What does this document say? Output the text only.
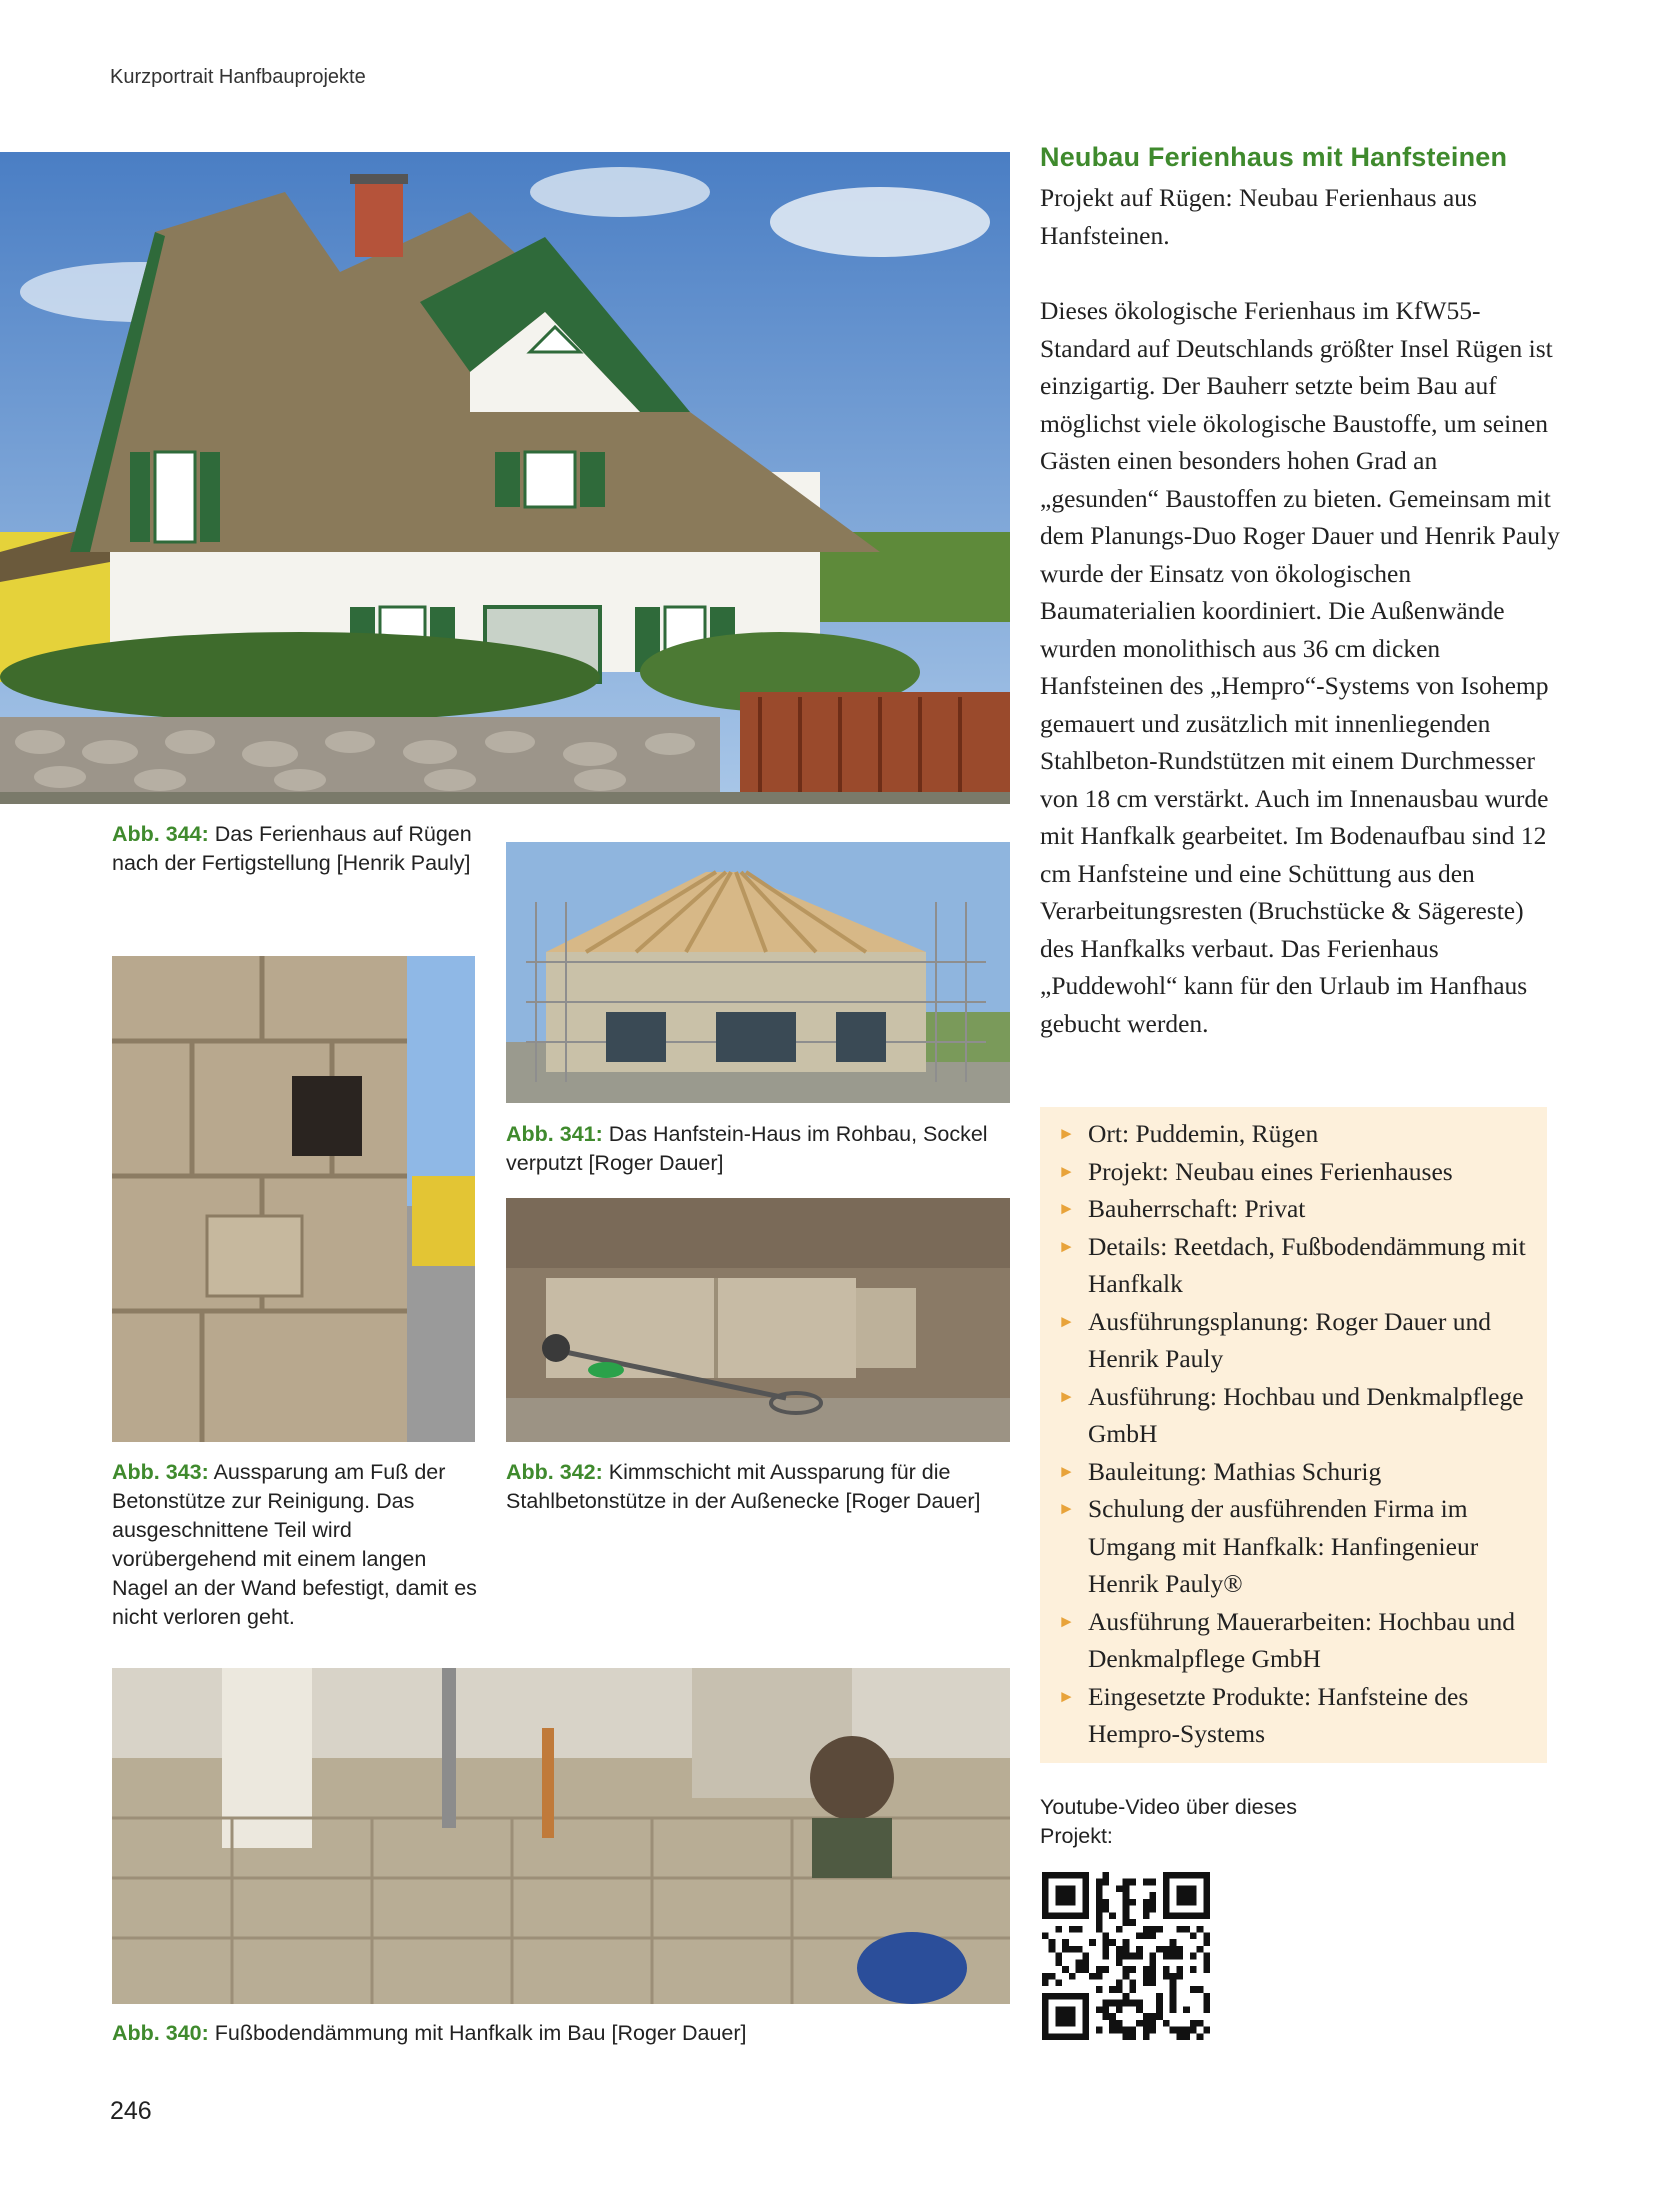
Kurzportrait Hanfbauprojekte
Abb. 344: Das Ferienhaus auf Rügen nach der Fertigstellung [Henrik Pauly]
Abb. 341: Das Hanfstein-Haus im Rohbau, Sockel verputzt [Roger Dauer]
Abb. 343: Aussparung am Fuß der Betonstütze zur Reinigung. Das ausgeschnittene Teil wird vorübergehend mit einem langen Nagel an der Wand befestigt, damit es nicht verloren geht.
Abb. 342: Kimmschicht mit Aussparung für die Stahlbetonstütze in der Außenecke [Roger Dauer]
Abb. 340: Fußbodendämmung mit Hanfkalk im Bau [Roger Dauer]
Neubau Ferienhaus mit Hanfsteinen
Projekt auf Rügen: Neubau Ferienhaus aus Hanfsteinen.
Dieses ökologische Ferienhaus im KfW55-Standard auf Deutschlands größter Insel Rügen ist einzigartig. Der Bauherr setzte beim Bau auf möglichst viele ökologische Baustoffe, um seinen Gästen einen besonders hohen Grad an „gesunden“ Baustoffen zu bieten. Gemeinsam mit dem Planungs-Duo Roger Dauer und Henrik Pauly wurde der Einsatz von ökologischen Baumaterialien koordiniert. Die Außenwände wurden monolithisch aus 36 cm dicken Hanfsteinen des „Hempro“-Systems von Isohemp gemauert und zusätzlich mit innenliegenden Stahlbeton-Rundstützen mit einem Durchmesser von 18 cm verstärkt. Auch im Innenausbau wurde mit Hanfkalk gearbeitet. Im Bodenaufbau sind 12 cm Hanfsteine und eine Schüttung aus den Verarbeitungsresten (Bruchstücke & Sägereste) des Hanfkalks verbaut. Das Ferienhaus „Puddewohl“ kann für den Urlaub im Hanfhaus gebucht werden.
► Ort: Puddemin, Rügen
► Projekt: Neubau eines Ferienhauses
► Bauherrschaft: Privat
► Details: Reetdach, Fußbodendämmung mit Hanfkalk
► Ausführungsplanung: Roger Dauer und Henrik Pauly
► Ausführung: Hochbau und Denkmalpflege GmbH
► Bauleitung: Mathias Schurig
► Schulung der ausführenden Firma im Umgang mit Hanfkalk: Hanfingenieur Henrik Pauly®
► Ausführung Mauerarbeiten: Hochbau und Denkmalpflege GmbH
► Eingesetzte Produkte: Hanfsteine des Hempro-Systems
Youtube-Video über dieses Projekt:
246
